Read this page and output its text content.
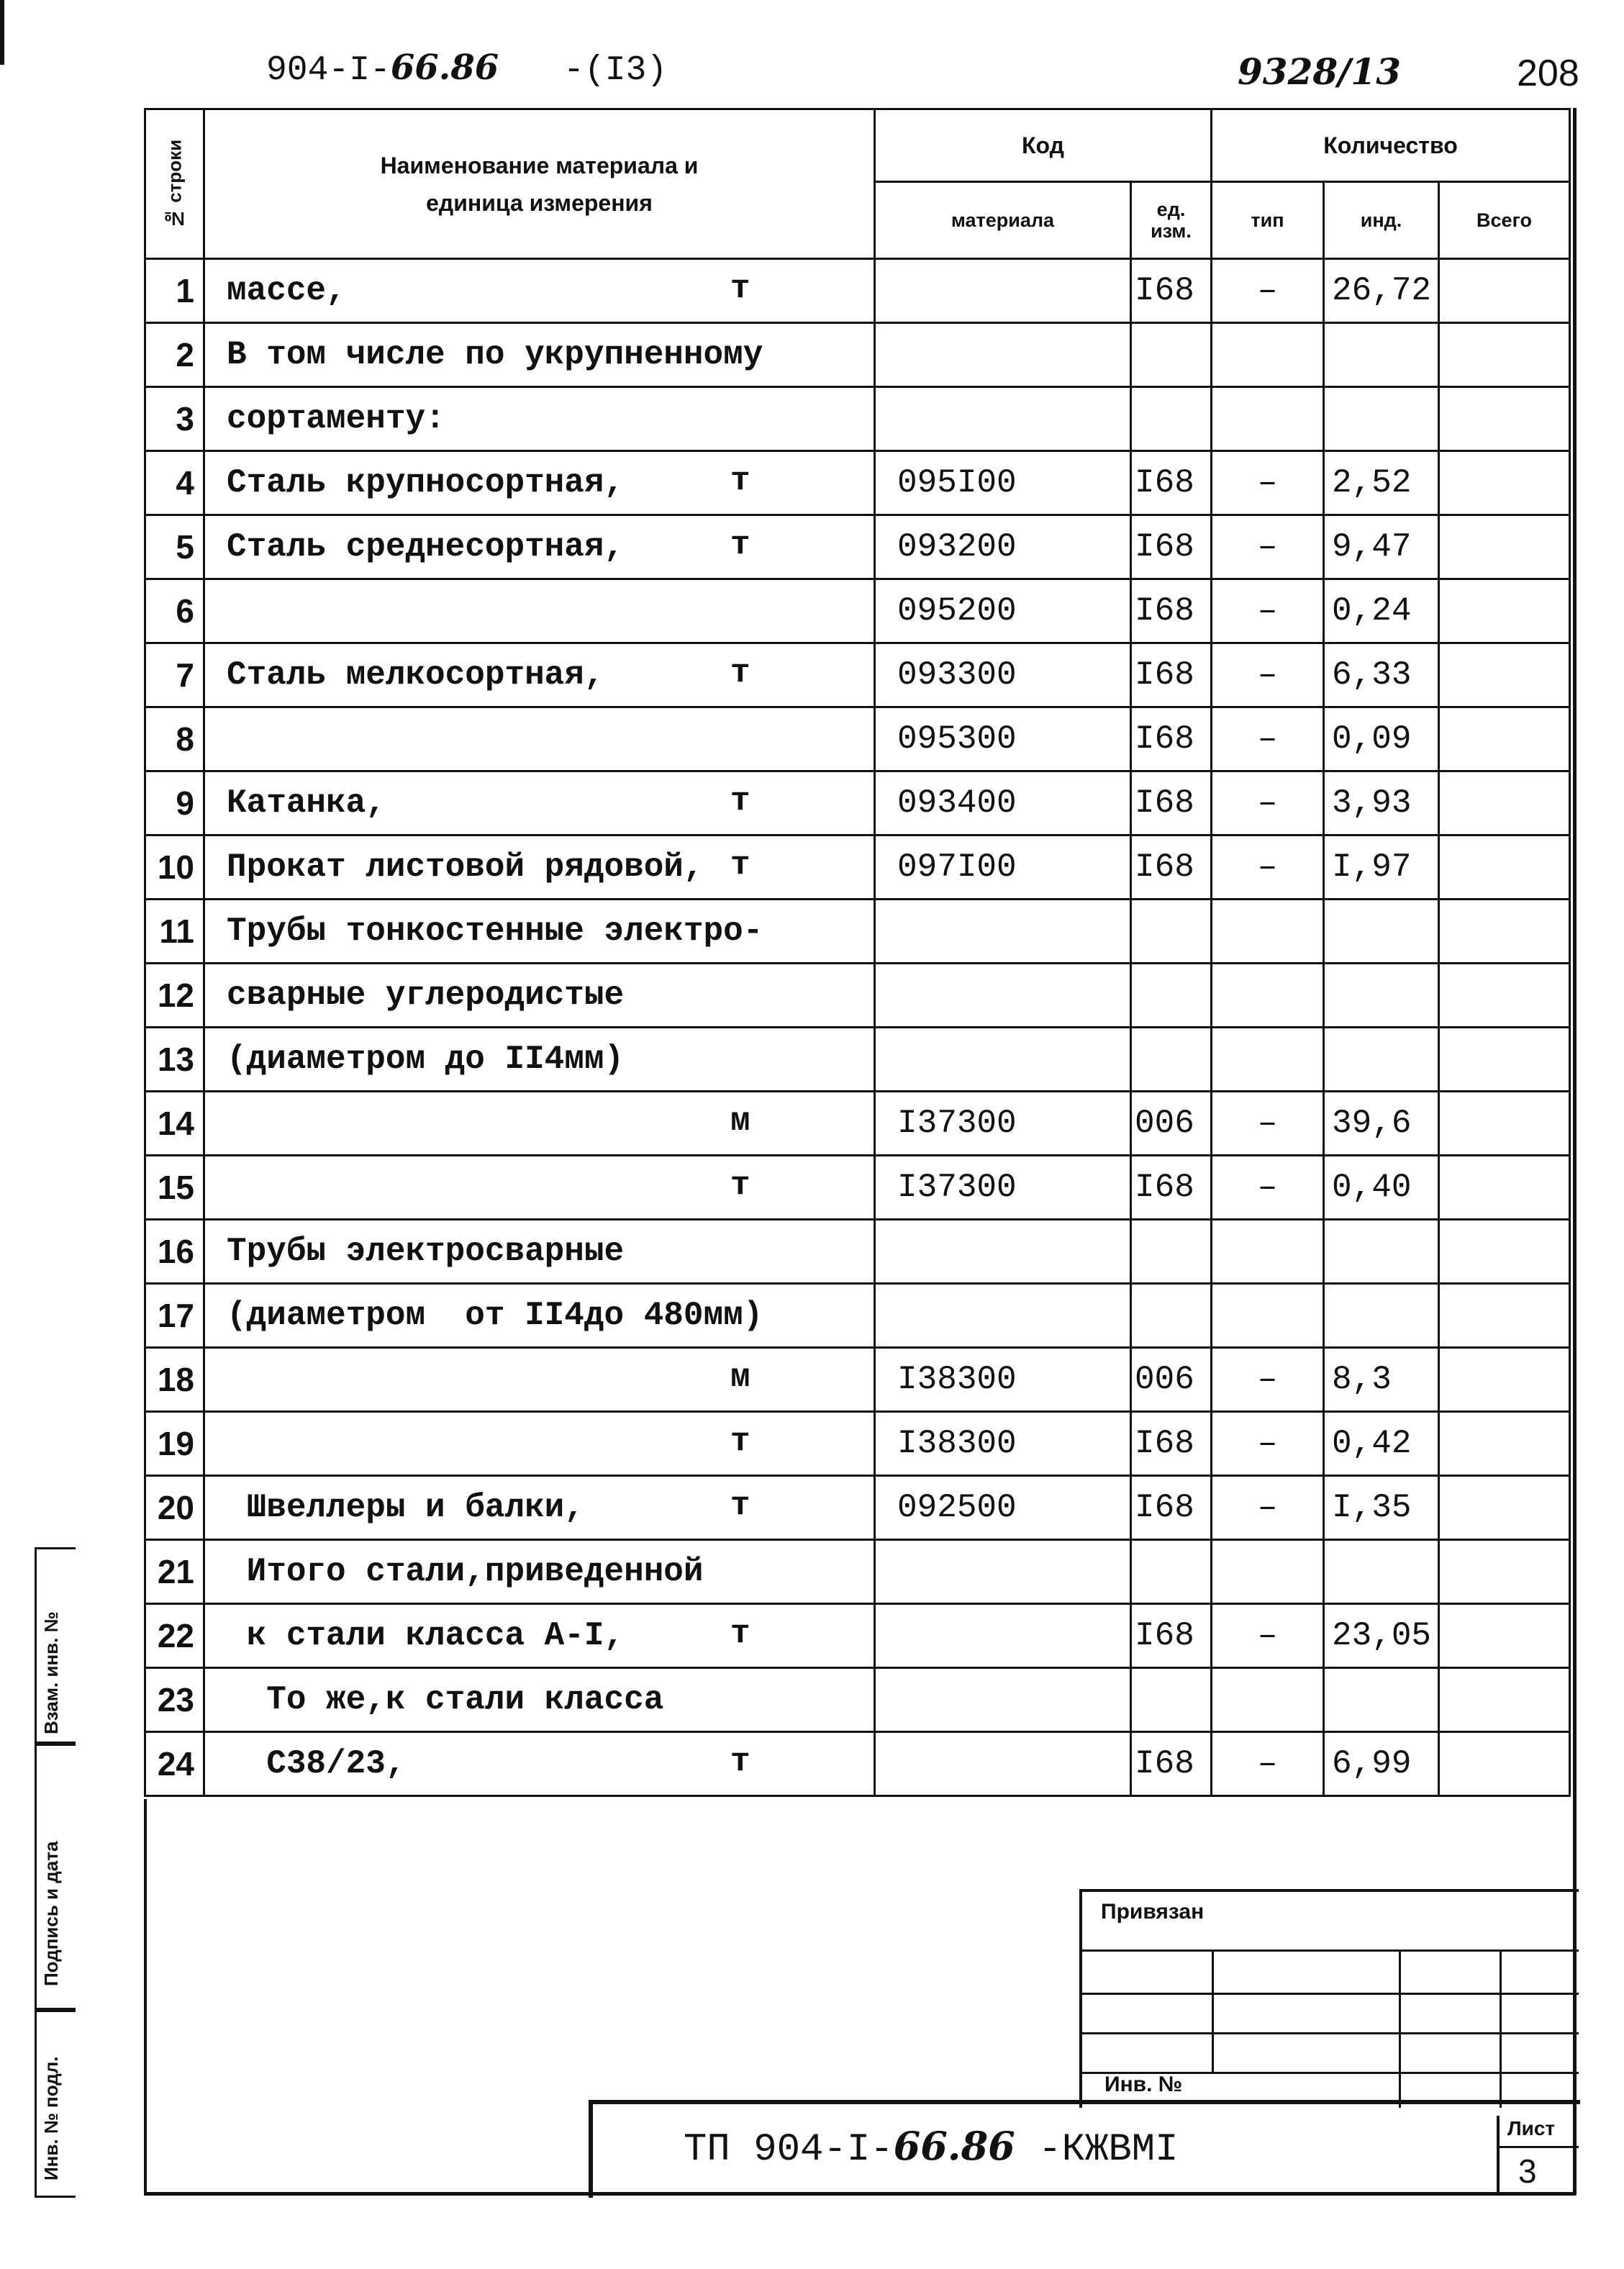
904-I-66.86 -(I3)	9328/13	208
№ строки	Наименование материала и единица измерения	Код		Количество		
		материала	ед. изм.	тип	инд.	Всего
1	массе, т		I68	–	26,72	
2	В том числе по укрупненному

3	сортаменту:

4	Сталь крупносортная, т	095I00	I68	–	2,52	
5	Сталь среднесортная, т	093200	I68	–	9,47	
6		095200	I68	–	0,24	
7	Сталь мелкосортная, т	093300	I68	–	6,33	
8		095300	I68	–	0,09	
9	Катанка, т	093400	I68	–	3,93	
10	Прокат листовой рядовой, т	097I00	I68	–	I,97	
11	Трубы тонкостенные электро-

12	сварные углеродистые

13	(диаметром до II4мм)

14	м	I37300	006	–	39,6	
15	т	I37300	I68	–	0,40	
16	Трубы электросварные

17	(диаметром  от II4до 480мм)

18	м	I38300	006	–	8,3	
19	т	I38300	I68	–	0,42	
20	Швеллеры и балки, т	092500	I68	–	I,35	
21	Итого стали,приведенной

22	к стали класса A-I, т		I68	–	23,05	
23	То же,к стали класса

24	С38/23, т		I68	–	6,99	
Взам. инв. №
Подпись и дата
Инв. № подл.
Привязан
Инв. №
ТП 904-I-66.86 -КЖВМI	Лист
3
